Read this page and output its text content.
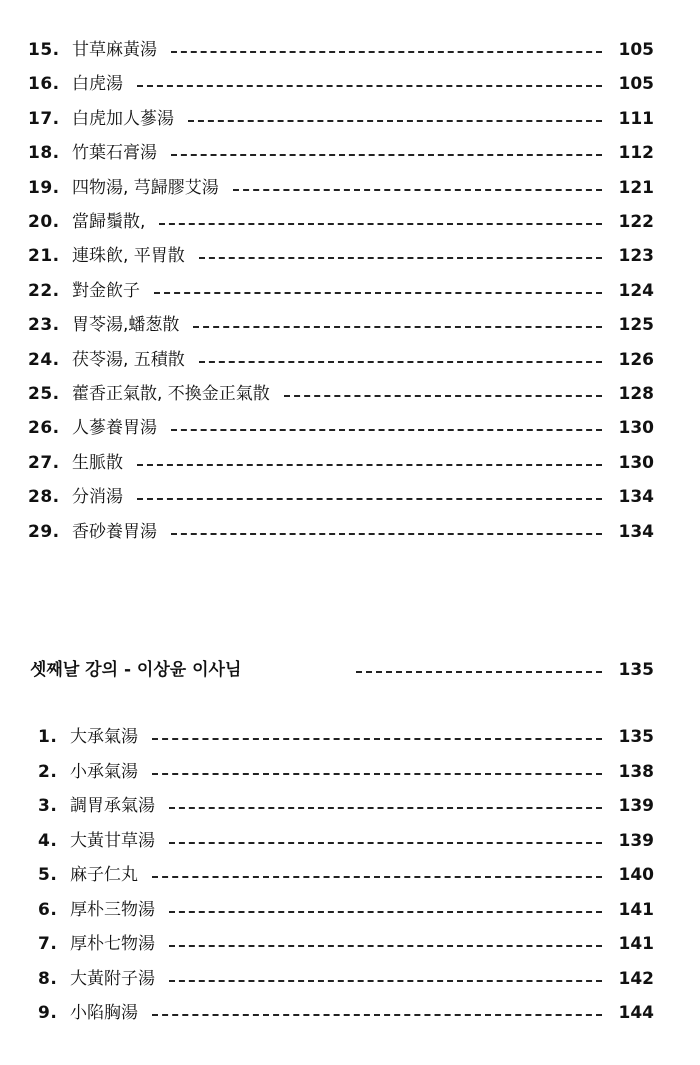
15. 甘草麻黃湯	105
16. 白虎湯	105
17. 白虎加人蔘湯	111
18. 竹葉石膏湯	112
19. 四物湯, 芎歸膠艾湯	121
20. 當歸鬚散,	122
21. 連珠飮, 平胃散	123
22. 對金飮子	124
23. 胃苓湯,蟠葱散	125
24. 茯苓湯, 五積散	126
25. 藿香正氣散, 不換金正氣散	128
26. 人蔘養胃湯	130
27. 生脈散	130
28. 分消湯	134
29. 香砂養胃湯	134
셋째날 강의 - 이상윤 이사님	135
1. 大承氣湯	135
2. 小承氣湯	138
3. 調胃承氣湯	139
4. 大黃甘草湯	139
5. 麻子仁丸	140
6. 厚朴三物湯	141
7. 厚朴七物湯	141
8. 大黃附子湯	142
9. 小陷胸湯	144
